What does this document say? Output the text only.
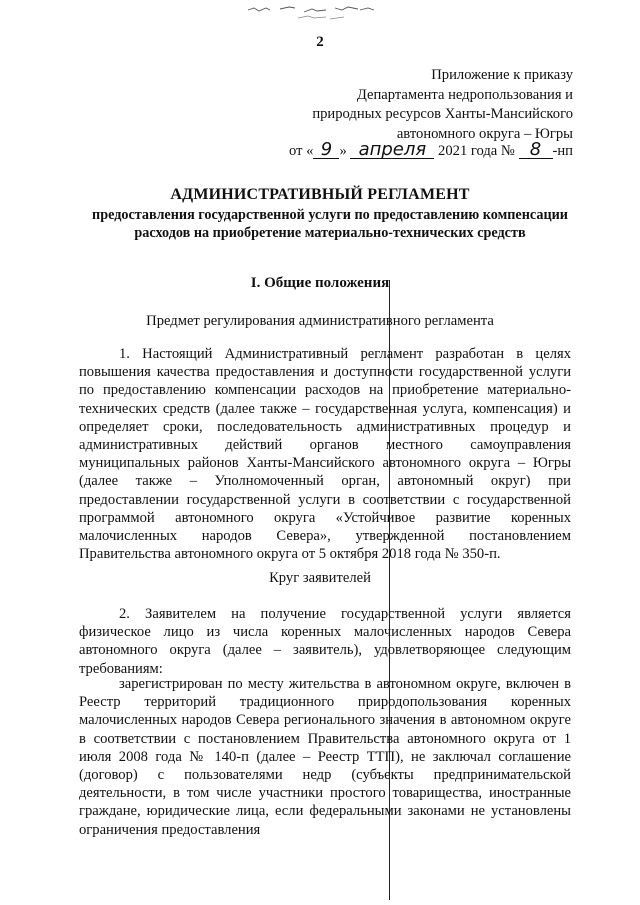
2
Приложение к приказу
Департамента недропользования и
природных ресурсов Ханты-Мансийского
автономного округа – Югры
от « 9 » апреля 2021 года № 8 -нп
АДМИНИСТРАТИВНЫЙ РЕГЛАМЕНТ
предоставления государственной услуги по предоставлению компенсации расходов на приобретение материально-технических средств
I. Общие положения
Предмет регулирования административного регламента

1. Настоящий Административный регламент разработан в целях повышения качества предоставления и доступности государственной услуги по предоставлению компенсации расходов на приобретение материально-технических средств (далее также – государственная услуга, компенсация) и определяет сроки, последовательность административных процедур и административных действий органов местного самоуправления муниципальных районов Ханты-Мансийского автономного округа – Югры (далее также – Уполномоченный орган, автономный округ) при предоставлении государственной услуги в соответствии с государственной программой автономного округа «Устойчивое развитие коренных малочисленных народов Севера», утвержденной постановлением Правительства автономного округа от 5 октября 2018 года № 350-п.

Круг заявителей

2. Заявителем на получение государственной услуги является физическое лицо из числа коренных малочисленных народов Севера автономного округа (далее – заявитель), удовлетворяющее следующим требованиям:

зарегистрирован по месту жительства в автономном округе, включен в Реестр территорий традиционного природопользования коренных малочисленных народов Севера регионального значения в автономном округе в соответствии с постановлением Правительства автономного округа от 1 июля 2008 года № 140-п (далее – Реестр ТТП), не заключал соглашение (договор) с пользователями недр (субъекты предпринимательской деятельности, в том числе участники простого товарищества, иностранные граждане, юридические лица, если федеральными законами не установлены ограничения предоставления
